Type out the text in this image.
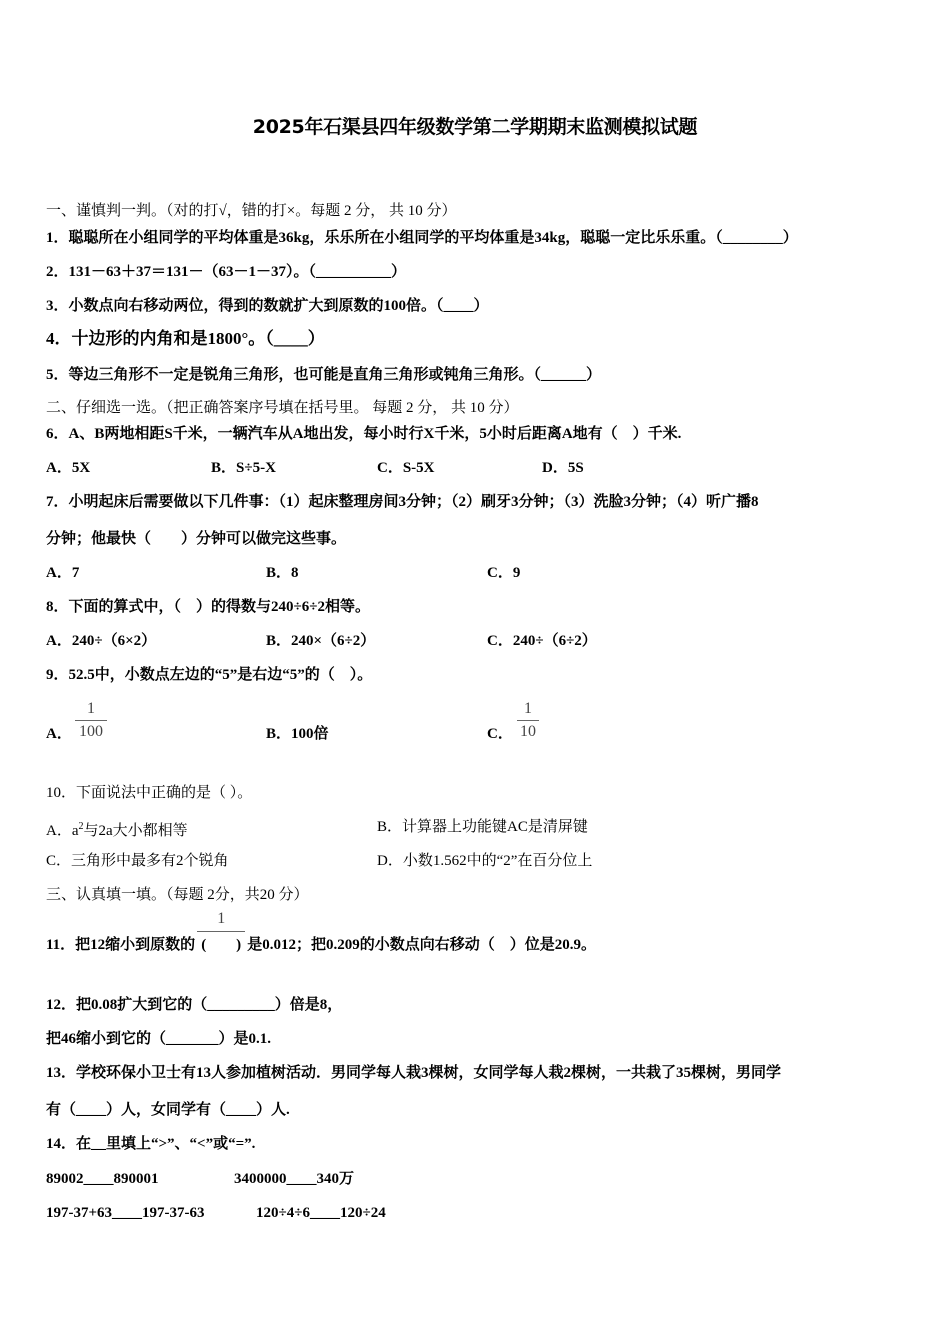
2025年石渠县四年级数学第二学期期末监测模拟试题
一、谨慎判一判。（对的打√，错的打×。每题 2 分， 共 10 分）
1．聪聪所在小组同学的平均体重是36kg，乐乐所在小组同学的平均体重是34kg，聪聪一定比乐乐重。（________）
2．131－63＋37＝131－（63－1－37）。（__________）
3．小数点向右移动两位，得到的数就扩大到原数的100倍。（____）
4．十边形的内角和是1800°。（____）
5．等边三角形不一定是锐角三角形，也可能是直角三角形或钝角三角形。（______）
二、仔细选一选。（把正确答案序号填在括号里。 每题 2 分， 共 10 分）
6．A、B两地相距S千米，一辆汽车从A地出发，每小时行X千米，5小时后距离A地有（　）千米.
A．5X	B．S÷5-X	C．S-5X	D．5S
7．小明起床后需要做以下几件事：（1）起床整理房间3分钟；（2）刷牙3分钟；（3）洗脸3分钟；（4）听广播8
分钟；他最快（　　）分钟可以做完这些事。
A．7	B．8	C．9
8．下面的算式中，（　）的得数与240÷6÷2相等。
A．240÷（6×2）	B．240×（6÷2）	C．240÷（6÷2）
9．52.5中，小数点左边的“5”是右边“5”的（　）。
A．
1
100	B．100倍	C．
1
10
10．下面说法中正确的是（ ）。
A．$a^2$与2a大小都相等	B．计算器上功能键AC是清屏键
C．三角形中最多有2个锐角	D．小数1.562中的“2”在百分位上
三、认真填一填。（每题 2分，共20 分）
11．把12缩小到原数的
1
(  ) 是0.012；把0.209的小数点向右移动（　）位是20.9。
12．把0.08扩大到它的（_________）倍是8，
把46缩小到它的（_______）是0.1.
13．学校环保小卫士有13人参加植树活动．男同学每人栽3棵树，女同学每人栽2棵树，一共栽了35棵树，男同学
有（____）人，女同学有（____）人.
14．在__里填上“>”、“<”或“=”.
89002____890001	3400000____340万
197-37+63____197-37-63	120÷4÷6____120÷24
